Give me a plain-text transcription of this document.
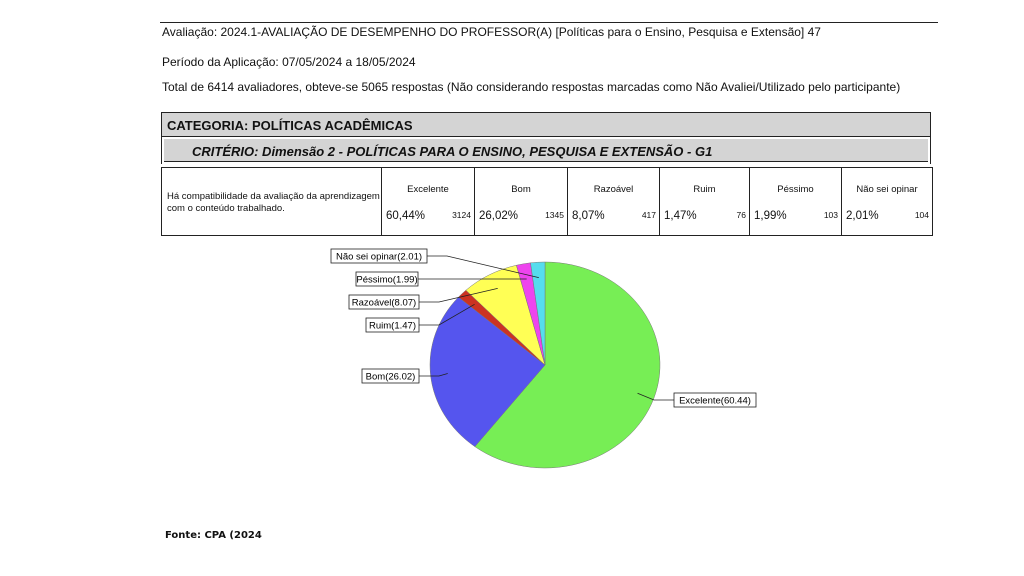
Avaliação: 2024.1-AVALIAÇÃO DE DESEMPENHO DO PROFESSOR(A) [Políticas para o Ensino, Pesquisa e Extensão] 47
Período da Aplicação: 07/05/2024 a 18/05/2024
Total de 6414 avaliadores, obteve-se 5065 respostas (Não considerando respostas marcadas como Não Avaliei/Utilizado pelo participante)
CATEGORIA: POLÍTICAS ACADÊMICAS
CRITÉRIO: Dimensão 2 - POLÍTICAS PARA O ENSINO, PESQUISA E EXTENSÃO - G1
Há compatibilidade da avaliação da aprendizagem com o conteúdo trabalhado.	
Excelente
60,44%	3124

Bom
26,02%	1345

Razoável
8,07%	417

Ruim
1,47%	76

Péssimo
1,99%	103

Não sei opinar
2,01%	104
Excelente(60.44)
Bom(26.02)
Ruim(1.47)
Razoável(8.07)
Péssimo(1.99)
Não sei opinar(2.01)
Fonte: CPA (2024
